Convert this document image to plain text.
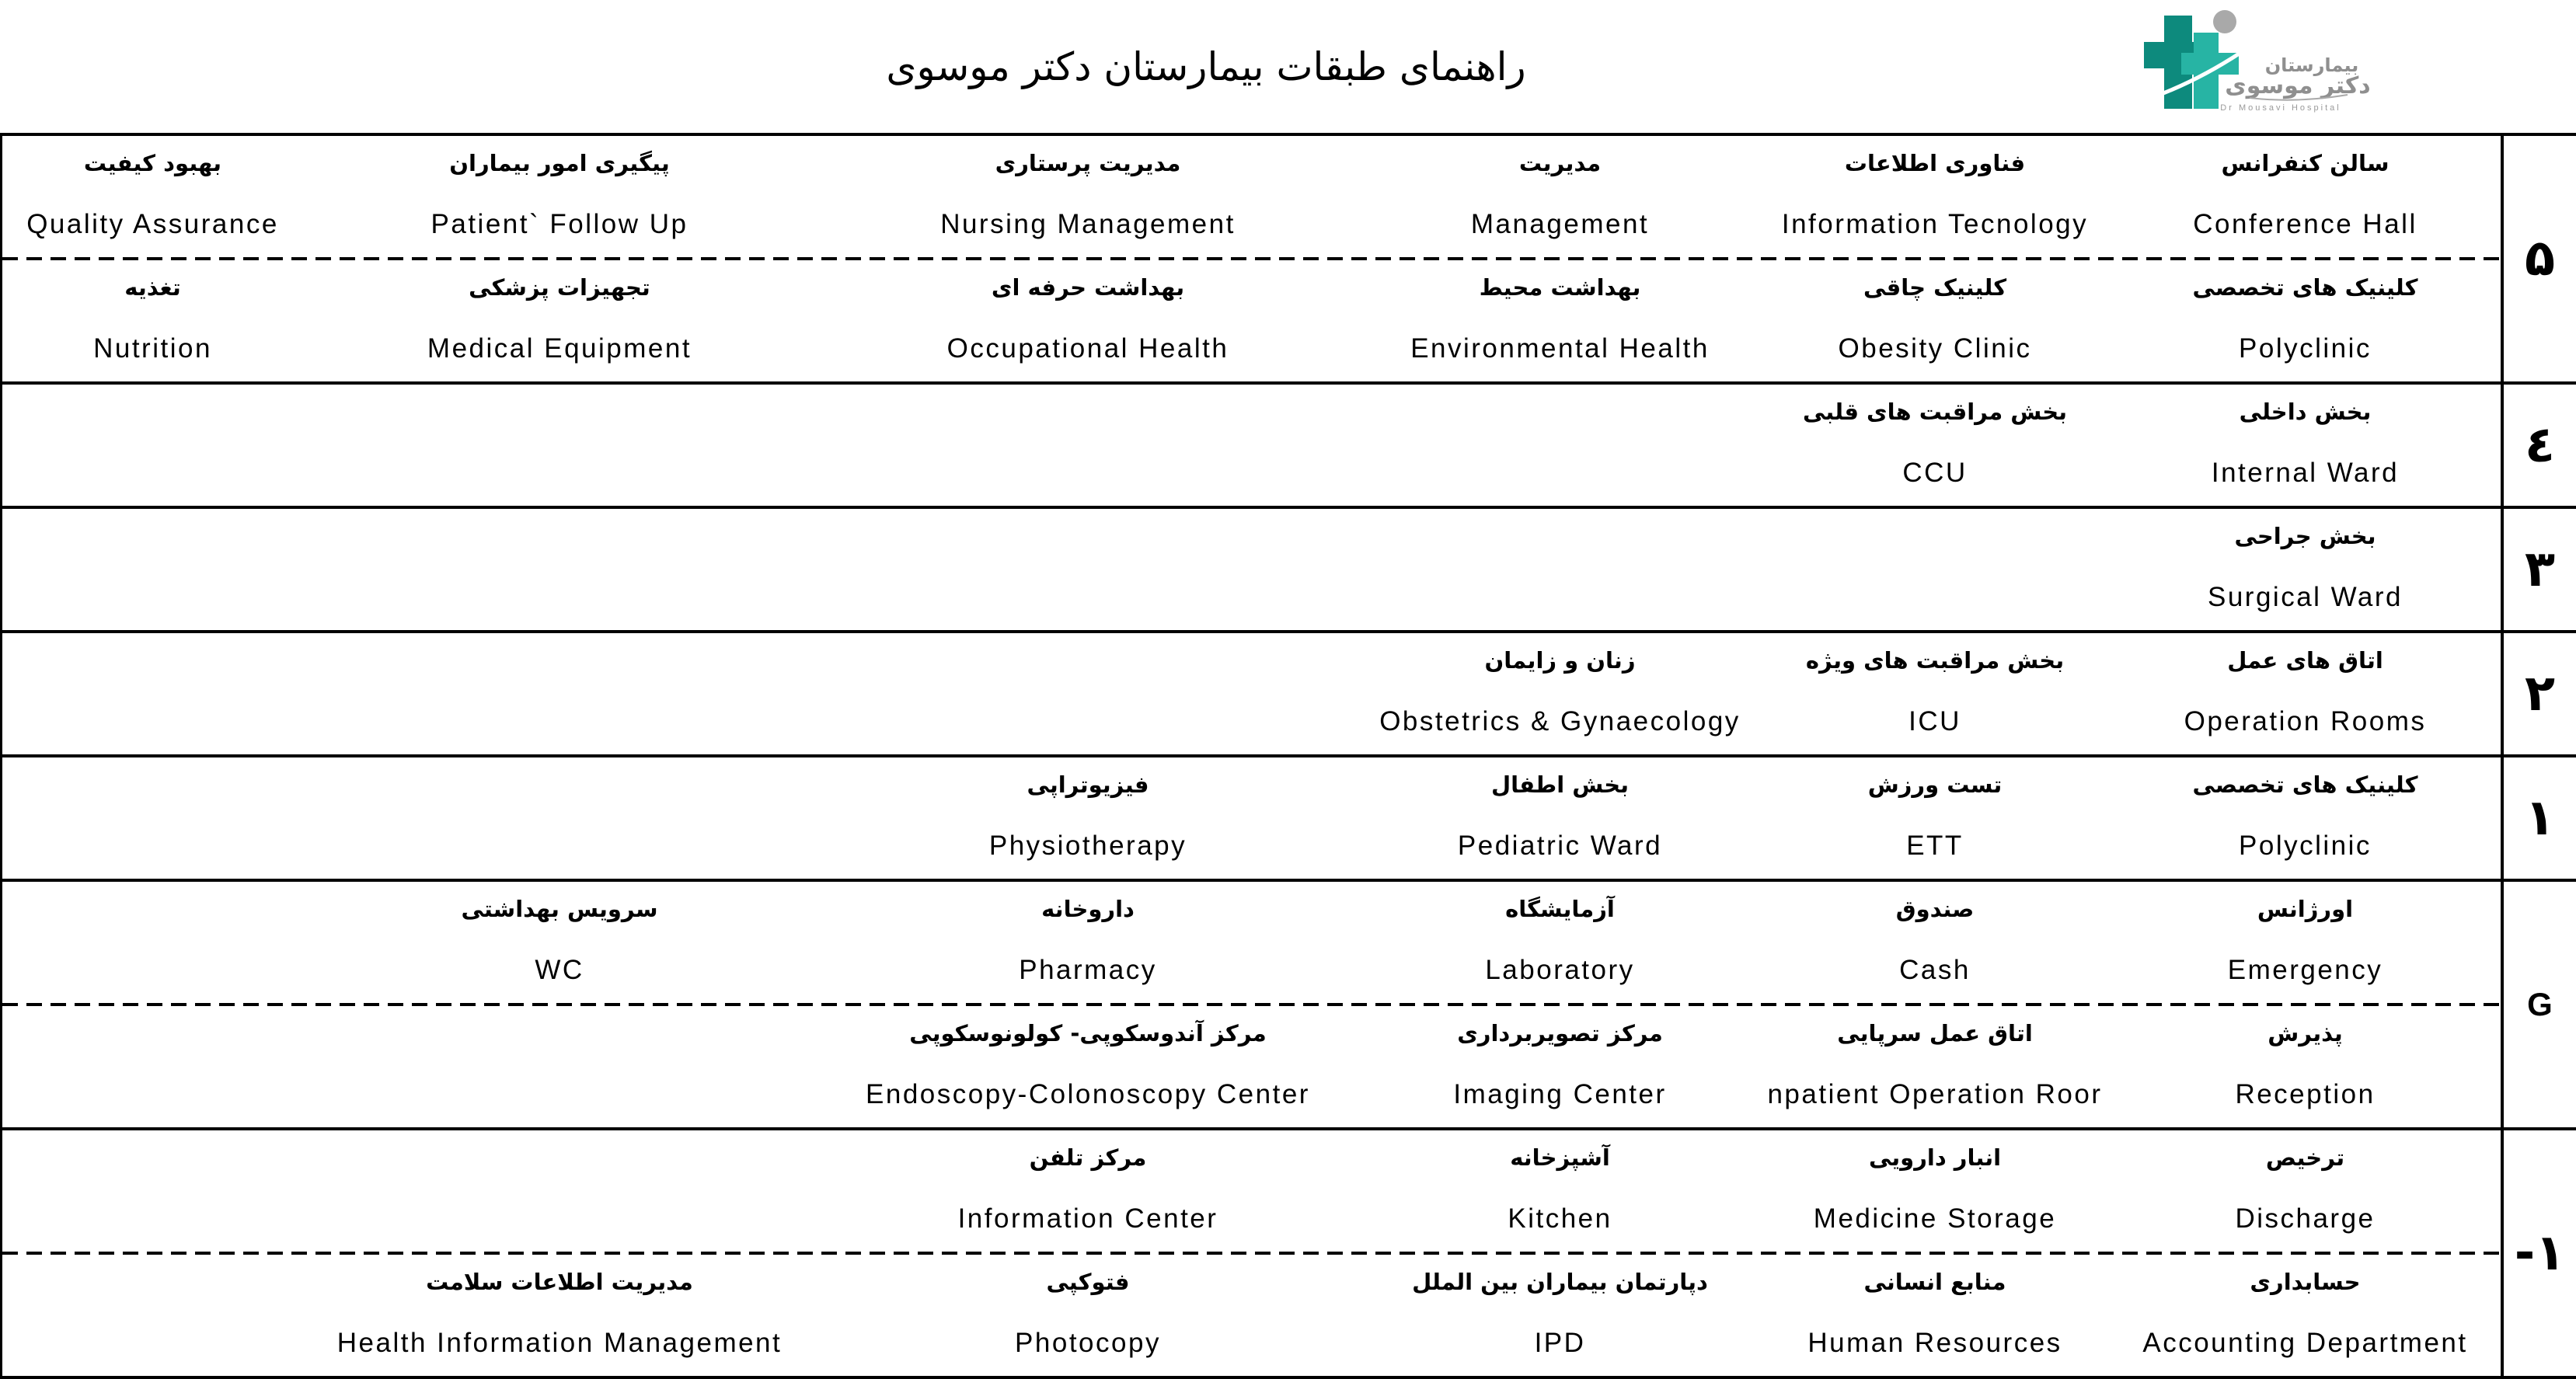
راهنمای طبقات بیمارستان دکتر موسوی	بیمارستان
دکتر موسوی
Dr Mousavi Hospital
۵
سالن کنفرانس
Conference Hall
فناوری اطلاعات
Information Tecnology
مدیریت
Management
مدیریت پرستاری
Nursing Management
پیگیری امور بیماران
Patient` Follow Up
بهبود کیفیت
Quality Assurance
کلینیک های تخصصی
Polyclinic
کلینیک چاقی
Obesity Clinic
بهداشت محیط
Environmental Health
بهداشت حرفه ای
Occupational Health
تجهیزات پزشکی
Medical Equipment
تغذیه
Nutrition
٤
بخش داخلی
Internal Ward
بخش مراقبت های قلبی
CCU
۳
بخش جراحی
Surgical Ward
۲
اتاق های عمل
Operation Rooms
بخش مراقبت های ویژه
ICU
زنان و زایمان
Obstetrics & Gynaecology
۱
کلینیک های تخصصی
Polyclinic
تست ورزش
ETT
بخش اطفال
Pediatric Ward
فیزیوتراپی
Physiotherapy
G
اورژانس
Emergency
صندوق
Cash
آزمایشگاه
Laboratory
داروخانه
Pharmacy
سرویس بهداشتی
WC
پذیرش
Reception
اتاق عمل سرپایی
npatient Operation Roor
مرکز تصویربرداری
Imaging Center
مرکز آندوسکوپی- کولونوسکوپی
Endoscopy-Colonoscopy Center
-۱
ترخیص
Discharge
انبار دارویی
Medicine Storage
آشپزخانه
Kitchen
مرکز تلفن
Information Center
حسابداری
Accounting Department
منابع انسانی
Human Resources
دپارتمان بیماران بین الملل
IPD
فتوکپی
Photocopy
مدیریت اطلاعات سلامت
Health Information Management
